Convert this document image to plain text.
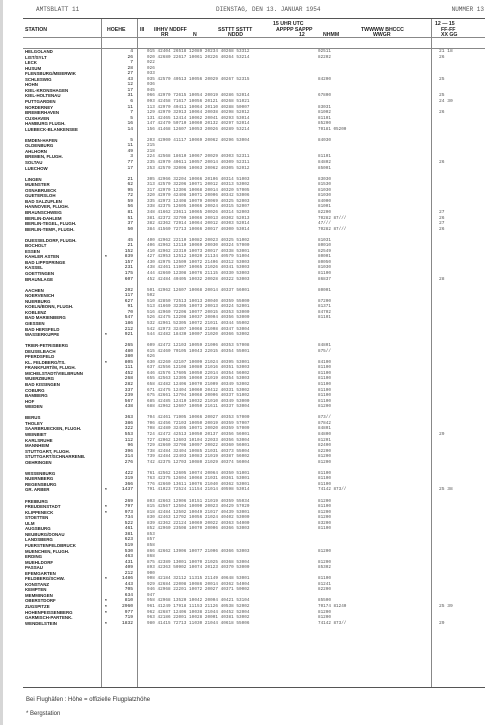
AMTSBLATT 11	DIENSTAG, DEN 13. JANUAR 1954	NUMMER 13
15 UHR UTC	12 — 15
STATION	HOEHE	III IIHHV NDDFF	SSTTT SSTTT	APPPP SAPPP	TWWWW BHCCC	FF-FF
RR	N	NDDD	12	NHMM	WWGR	XX GG
HELGOLAND	4	015 42404 26518 12089 20234 40268 53312	02511	21 18
LIST/SYLT	26	020 42680 22617 10061 20226 40264 53214	82202	26
LECK	7	022
HUSUM	28	026
FLENSBURG/MEIERWIK	27	033
SCHLESWIG	43	035 42570 40513 10056 20029 40267 52315	84200	25
HOHN	12	036
KIEL-KRONSHAGEN	17	045
KIEL-HOLTENAU	31	066 42970 72615 10054 20019 40286 52014	67800	25
PUTTGARDEN	6	093 42458 71617 10056 20121 40268 51021	24 30
NORDERNEY	11	113 42970 40411 10064 20110 40288 50007	83031
BREMERHAVEN	7	129 42970 32913 10064 20038 40298 52012	81002	26
CUXHAVEN	5	131 42465 12414 10062 20041 40293 53014	81101
HAMBURG FLUGH.	16	147 42470 50710 10060 20132 40297 52014	85200
LUEBECK-BLANKENSEE	14	156 41468 12607 10053 20026 40289 53214	70181 05200
EMDEN-HAFEN	5	203 42900 41117 10069 20062 40296 53004	84030
OLDENBURG	11	215
AHLHORN	49	218
BREMEN, FLUGH.	3	224 42568 18610 10067 20029 40303 52311	81101
SOLTAU	77	235 42970 40611 10057 20014 40309 52311	84802	26
LUECHOW	17	253 42570 32006 10063 20062 40305 52012	85001
LINGEN	21	305 42966 32204 10066 20106 40314 51003	83030
MUENSTER	62	313 42570 32206 10071 20012 40313 53002	81530
OSNABRUECK	95	317 42970 12306 10068 20014 40320 57005	81030
GUETERSLOH	72	320 42970 42408 10071 20006 40342 53006	81030
BAD SALZUFLEN	59	335 42973 12408 10079 20069 40325 52003	84000
HANNOVER, FLUGH.	56	338 42375 12605 10066 20024 40315 52007	81001
BRAUNSCHWEIG	81	348 41662 23611 10065 20026 40314 52003	82200	27
BERLIN-DAHLEM	51	381 42372 32709 10066 20013 40302 52013	70282 87///	26
BERLIN-TEGEL, FLUGH.	37	382 42362 72914 10064 20012 40303 52014	47///	27
BERLIN-TEMP., FLUGH.	50	384 41560 72713 10066 20017 40300 53014	70282 87///	26
DUESSELDORF, FLUGH.	45	400 42962 22110 10082 20023 40325 51002	81031
BOCHOLT	21	406 42962 12110 10069 20030 40324 57000	80010
ESSEN	152	410 42962 22310 10073 20017 40338 53001	82549
KAHLER ASTEN	*	839	427 42953 12512 10020 21134 40579 51004	80001
BAD LIPPSPRINGE	157	430 42975 12509 10072 21406 40312 53003	80050
KASSEL	231	438 42461 11907 10065 21026 40341 53003	81030
GOETTINGEN	175	444 42660 12308 10076 21115 40330 53003	81100
BRAUNLAGE	607	452 42484 40405 10032 20028 40322 53003	86837	28
AACHEN	202	501 42962 12607 10068 20014 40337 56001	80001
NOERVENICH	117	502
NUERBURG	627	510 42850 72513 10013 20040 40359 55000	87200
KOELN/BONN, FLUGH.	91	513 41660 32305 10073 20013 40324 52001	81371
KOBLENZ	70	516 42960 72206 10077 20015 40353 53000	84702
BAD MARIENBERG	547	526 42475 12208 10037 20004 40356 53000	81101
GIESSEN	186	532 42961 52305 10072 21011 40344 55002
BAD HERSFELD	212	542 42973 32407 10068 21008 40347 53004
WASSERKUPPE	*	921	544 42482 18430 10007 21020 40366 53002
TRIER-PETRISBERG	265	609 42472 12103 10059 21006 40353 57008	84801
DEUSELBACH	480	615 42460 70105 10043 22015 40354 55001	875//
PFERDSFELD	380	626
KL. FELDBERG/TS.	*	805	630 42260 42107 10009 21024 40395 53001	84100
FRANKFURT/M, FLUGH.	111	637 42556 12108 10080 21016 40351 53003	81100
MICHELSTADT/VIELBRUNN	452	646 42576 17605 10050 22014 40354 56002	81100
WUERZBURG	268	655 42563 12305 10060 21019 40354 53003	81100
BAD KISSINGEN	282	658 42482 12406 10070 21009 40349 53002	81100
COBURG	337	671 42475 12404 10060 20412 40331 53002	81100
BAMBERG	239	675 42661 12704 10068 20006 40337 51002	81100
HOF	567	685 42485 12410 10032 21010 40349 53000	81100
WEIDEN	438	688 42962 12607 10050 21611 40337 53004	81200
BERUS	363	704 42461 71905 10066 20027 40353 57000	873//
THOLEY	386	706 42456 72103 10050 20019 40359 57007	87842
SAARBRUECKEN, FLUGH.	322	708 42480 32405 10071 20020 40359 57009	84801
WEINBIET	553	724 42472 42513 10050 20137 40356 56001	84800	29
KARLSRUHE	112	727 42062 12603 10104 22033 40356 53004	81201
MANNHEIM	96	729 42660 32708 10097 20022 40360 56001	82400
STUTTGART, FLUGH.	396	738 42484 32404 10085 21031 40373 55004	82200
STUTTGART/SCHNARRENB.	314	739 42484 22403 10083 21019 40387 56002	81200
OEHRINGEN	276	742 42375 12703 10080 21029 40374 56004	81200
WISSENBURG	422	761 42562 12605 10074 20064 40350 51001	81100
NUERNBERG	319	763 42375 12604 10068 21031 40361 53001	81100
REGENSBURG	366	776 42660 13611 10076 21040 40362 53001	81100
GR. ARBER	*	1437	791 41023 72524 11154 21014 40598 53014	74142 873//	25 38
FREIBURG	269	803 42663 12906 10151 21019 40359 55034	81200
FREUDENSTADT	*	797	815 42567 12504 10090 20023 40429 57020	81100
KLIPPENECK	*	973	818 42484 12502 10049 21017 40439 53001	81200
STOETTEN	734	830 42463 12702 10056 21024 40402 53000	81200
ULM	522	839 42362 22124 10069 20022 40363 54000	83200
AUGSBURG	461	852 42960 23508 10070 20006 40366 53003	81100
NEUBURG/DONAU	381	853
LANDSBERG	623	857
FUERSTENFELDBRUCK	519	858
MUENCHEN, FLUGH.	530	866 42662 13906 10077 21006 40366 53003	81200
ERDING	463	868
MUEHLDORF	431	875 42389 13001 10070 21025 40368 53004	81200
PASSAU	409	893 42363 50902 10074 20123 40370 53000	85302
EFEMGARTEN	212	900
FELDBERG/SCHW.	*	1486	908 42184 32112 11315 21149 40648 53001	81100
KONSTANZ	443	929 42684 22008 10086 20014 40362 54004	81241
KEMPTEN	705	946 42968 22201 10072 20027 40371 50002	82200
MEMMINGEN	634	947
OBERSTDORF	*	810	958 42968 13520 10042 20004 40421 53104	85500
ZUGSPITZE	*	2960	961 41249 17918 11153 21126 40538 52002	70174 81240	25 39
HOHENPEISSENBERG	*	977	962 42687 12406 10038 21044 40452 52004	81200
GARMISCH-PARTENK.	719	963 42186 22001 10028 20001 40381 53002	81200
WENDELSTEIN	*	1832	980 41415 72713 11030 21044 40618 55006	74142 873//	29

Bei Flughäfen : Höhe = offizielle Flugplatzhöhe

* Bergstation
